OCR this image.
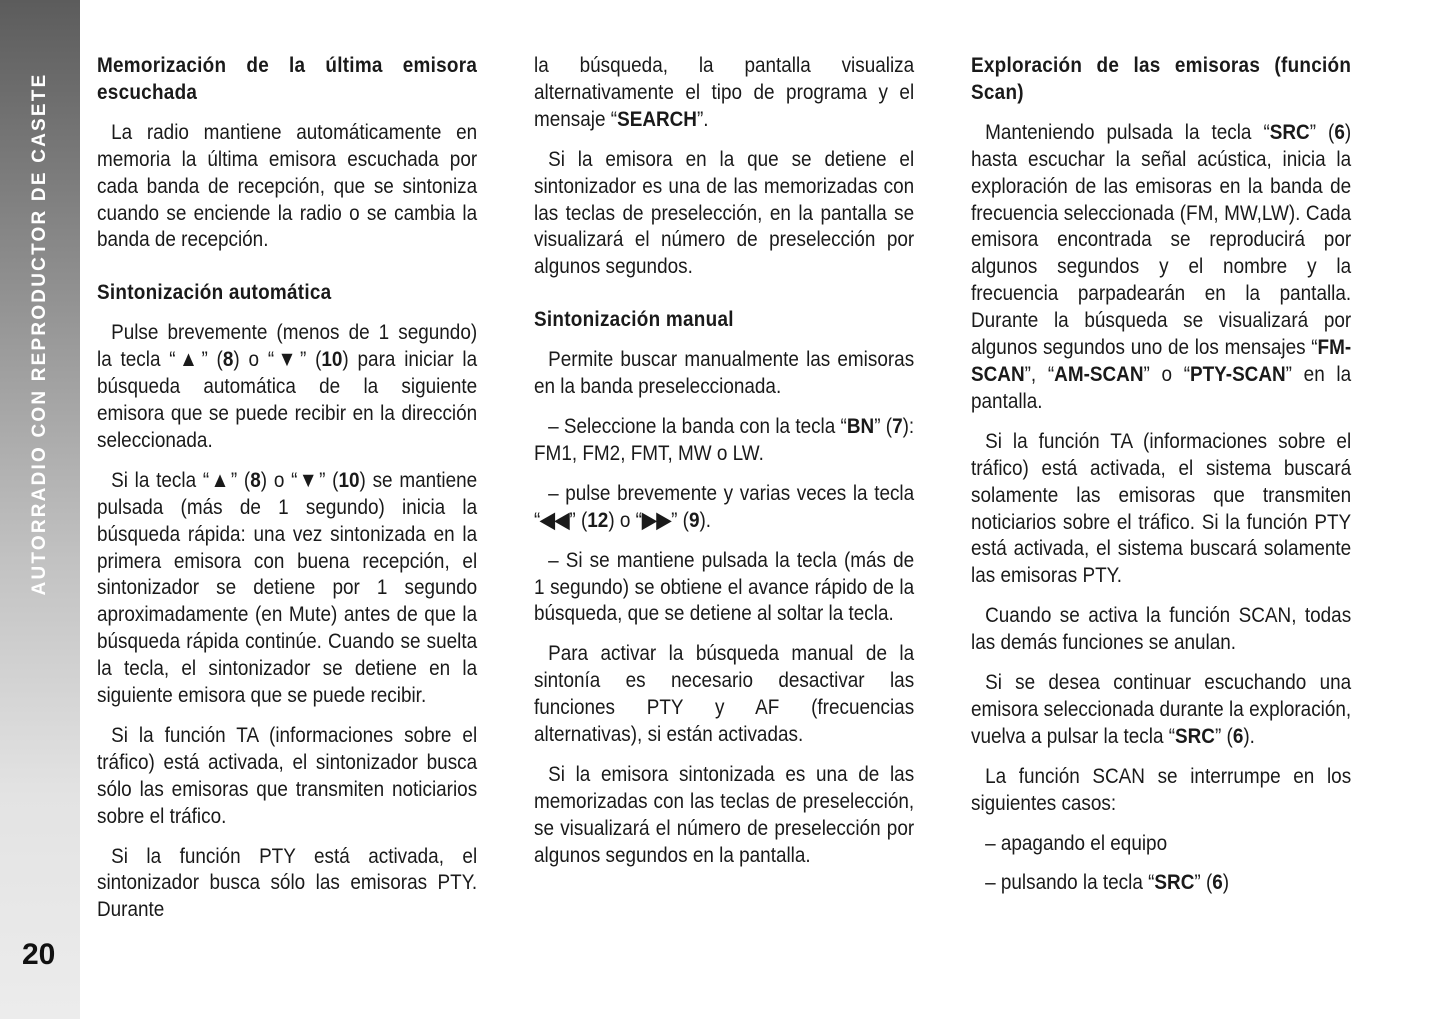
AUTORRADIO CON REPRODUCTOR DE CASETE
20
Memorización de la última emisora escuchada

La radio mantiene automáticamente en memoria la última emisora escuchada por cada banda de recepción, que se sintoniza cuando se enciende la radio o se cambia la banda de recepción.

Sintonización automática

Pulse brevemente (menos de 1 segundo) la tecla “▲” (8) o “▼” (10) para iniciar la búsqueda automática de la siguiente emisora que se puede recibir en la dirección seleccionada.

Si la tecla “▲” (8) o “▼” (10) se mantiene pulsada (más de 1 segundo) inicia la búsqueda rápida: una vez sintonizada en la primera emisora con buena recepción, el sintonizador se detiene por 1 segundo aproximadamente (en Mute) antes de que la búsqueda rápida continúe. Cuando se suelta la tecla, el sintonizador se detiene en la siguiente emisora que se puede recibir.

Si la función TA (informaciones sobre el tráfico) está activada, el sintonizador busca sólo las emisoras que transmiten noticiarios sobre el tráfico.

Si la función PTY está activada, el sintonizador busca sólo las emisoras PTY. Durante

la búsqueda, la pantalla visualiza alternativamente el tipo de programa y el mensaje “SEARCH”.

Si la emisora en la que se detiene el sintonizador es una de las memorizadas con las teclas de preselección, en la pantalla se visualizará el número de preselección por algunos segundos.

Sintonización manual

Permite buscar manualmente las emisoras en la banda preseleccionada.

– Seleccione la banda con la tecla “BN” (7): FM1, FM2, FMT, MW o LW.

– pulse brevemente y varias veces la tecla “◀◀” (12) o “▶▶” (9).

– Si se mantiene pulsada la tecla (más de 1 segundo) se obtiene el avance rápido de la búsqueda, que se detiene al soltar la tecla.

Para activar la búsqueda manual de la sintonía es necesario desactivar las funciones PTY y AF (frecuencias alternativas), si están activadas.

Si la emisora sintonizada es una de las memorizadas con las teclas de preselección, se visualizará el número de preselección por algunos segundos en la pantalla.

Exploración de las emisoras (función Scan)

Manteniendo pulsada la tecla “SRC” (6) hasta escuchar la señal acústica, inicia la exploración de las emisoras en la banda de frecuencia seleccionada (FM, MW,LW). Cada emisora encontrada se reproducirá por algunos segundos y el nombre y la frecuencia parpadearán en la pantalla. Durante la búsqueda se visualizará por algunos segundos uno de los mensajes “FM-SCAN”, “AM-SCAN” o “PTY-SCAN” en la pantalla.

Si la función TA (informaciones sobre el tráfico) está activada, el sistema buscará solamente las emisoras que transmiten noticiarios sobre el tráfico. Si la función PTY está activada, el sistema buscará solamente las emisoras PTY.

Cuando se activa la función SCAN, todas las demás funciones se anulan.

Si se desea continuar escuchando una emisora seleccionada durante la exploración, vuelva a pulsar la tecla “SRC” (6).

La función SCAN se interrumpe en los siguientes casos:

– apagando el equipo

– pulsando la tecla “SRC” (6)
